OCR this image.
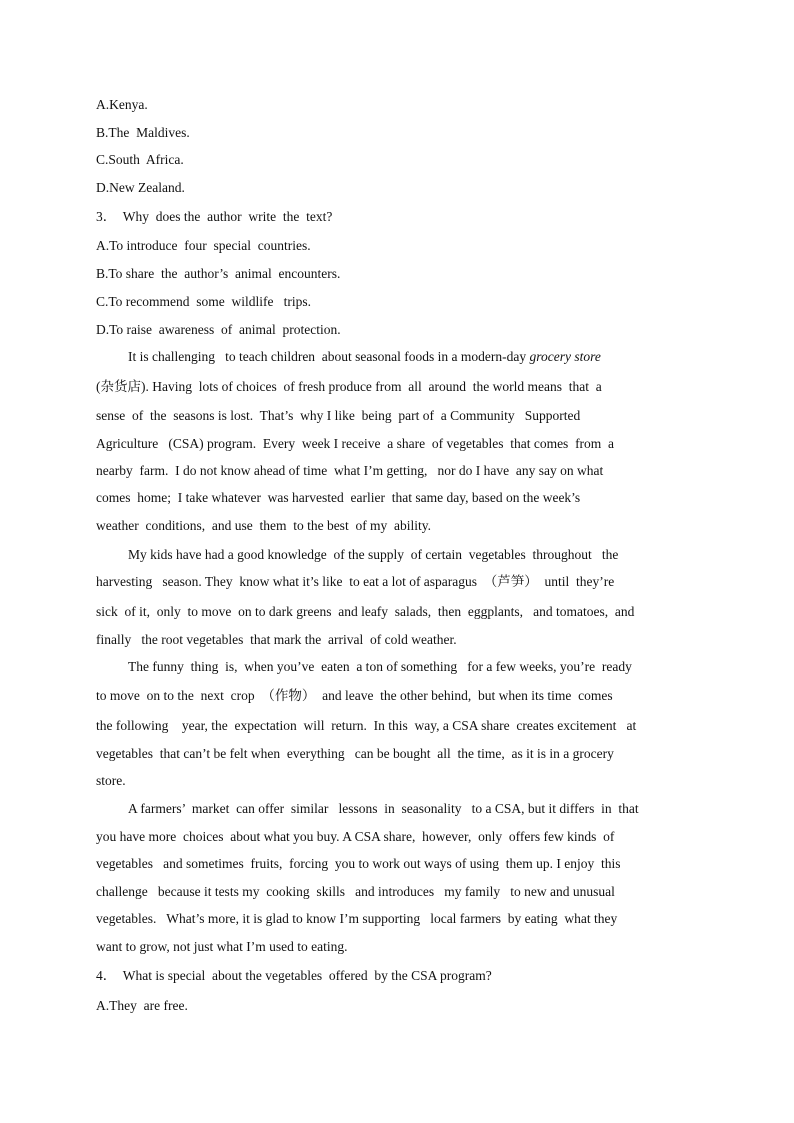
A.Kenya.
B.The  Maldives.
C.South  Africa.
D.New Zealand.
3．  Why  does the  author  write  the  text?
A.To introduce  four  special  countries.
B.To share  the  author’s  animal  encounters.
C.To recommend  some  wildlife   trips.
D.To raise  awareness  of  animal  protection.
It is challenging   to teach children  about seasonal foods in a modern-day grocery store
(杂货店). Having  lots of choices  of fresh produce from  all  around  the world means  that  a
sense  of  the  seasons is lost.  That’s  why I like  being  part of  a Community   Supported
Agriculture   (CSA) program.  Every  week I receive  a share  of vegetables  that comes  from  a
nearby  farm.  I do not know ahead of time  what I’m getting,   nor do I have  any say on what
comes  home;  I take whatever  was harvested  earlier  that same day, based on the week’s
weather  conditions,  and use  them  to the best  of my  ability.
My kids have had a good knowledge  of the supply  of certain  vegetables  throughout   the
harvesting   season. They  know what it’s like  to eat a lot of asparagus  （芦笋）  until  they’re
sick  of it,  only  to move  on to dark greens  and leafy  salads,  then  eggplants,   and tomatoes,  and
finally   the root vegetables  that mark the  arrival  of cold weather.
The funny  thing  is,  when you’ve  eaten  a ton of something   for a few weeks, you’re  ready
to move  on to the  next  crop  （作物）  and leave  the other behind,  but when its time  comes
the following    year, the  expectation  will  return.  In this  way, a CSA share  creates excitement   at
vegetables  that can’t be felt when  everything   can be bought  all  the time,  as it is in a grocery
store.
A farmers’  market  can offer  similar   lessons  in  seasonality   to a CSA, but it differs  in  that
you have more  choices  about what you buy. A CSA share,  however,  only  offers few kinds  of
vegetables   and sometimes  fruits,  forcing  you to work out ways of using  them up. I enjoy  this
challenge   because it tests my  cooking  skills   and introduces   my family   to new and unusual
vegetables.   What’s more, it is glad to know I’m supporting   local farmers  by eating  what they
want to grow, not just what I’m used to eating.
4．  What is special  about the vegetables  offered  by the CSA program?
A.They  are free.
